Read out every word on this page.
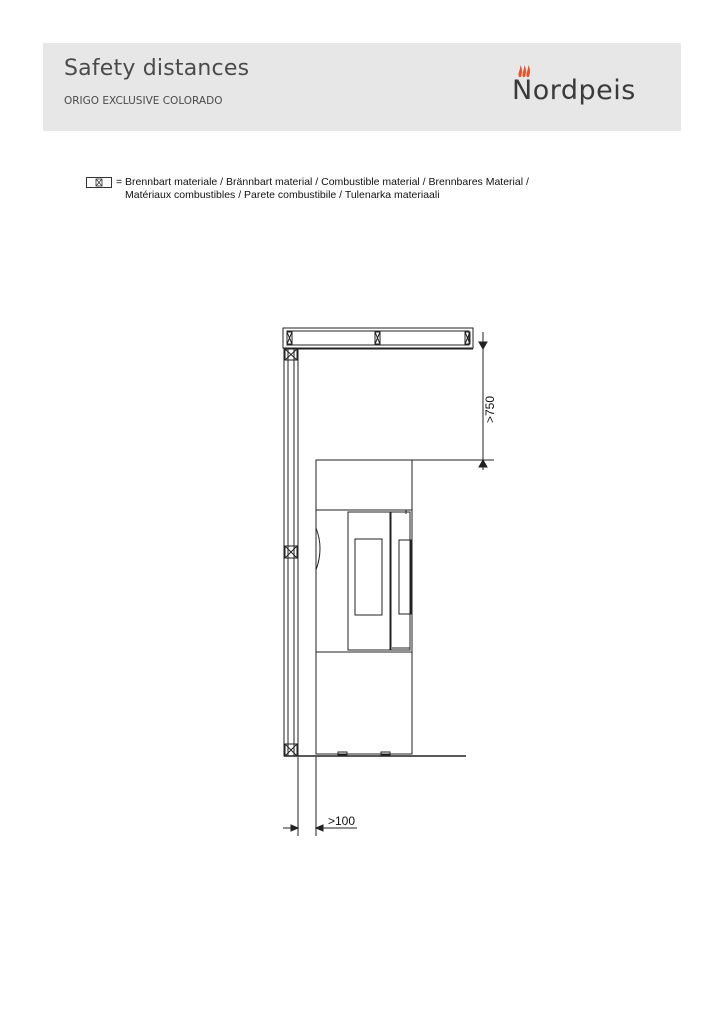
Safety distances
ORIGO EXCLUSIVE COLORADO	Nordpeis
= Brennbart materiale / Brännbart material / Combustible material / Brennbares Material /
Matériaux combustibles / Parete combustibile / Tulenarka materiaali
>750
>100
